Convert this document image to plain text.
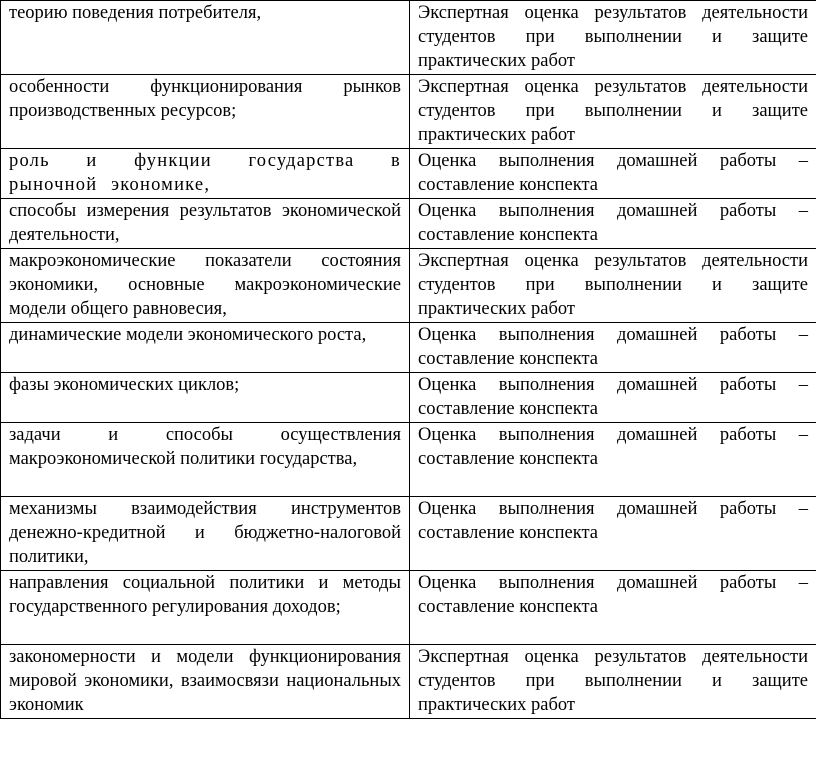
теорию поведения потребителя,	Экспертная оценка результатов деятельности студентов при выполнении и защите практических работ

особенности функционирования рынков производственных ресурсов;	Экспертная оценка результатов деятельности студентов при выполнении и защите практических работ

роль и функции государства в рыночной экономике,	Оценка выполнения домашней работы – составление конспекта

способы измерения результатов экономической деятельности,	Оценка выполнения домашней работы – составление конспекта

макроэкономические показатели состояния экономики, основные макроэкономические модели общего равновесия,	Экспертная оценка результатов деятельности студентов при выполнении и защите практических работ

динамические модели экономического роста,	Оценка выполнения домашней работы – составление конспекта

фазы экономических циклов;	Оценка выполнения домашней работы – составление конспекта

задачи и способы осуществления макроэкономической политики государства,	Оценка выполнения домашней работы – составление конспекта

механизмы взаимодействия инструментов денежно-кредитной и бюджетно-налоговой политики,	Оценка выполнения домашней работы – составление конспекта

направления социальной политики и методы государственного регулирования доходов;	Оценка выполнения домашней работы – составление конспекта

закономерности и модели функционирования мировой экономики, взаимосвязи национальных экономик	Экспертная оценка результатов деятельности студентов при выполнении и защите практических работ
